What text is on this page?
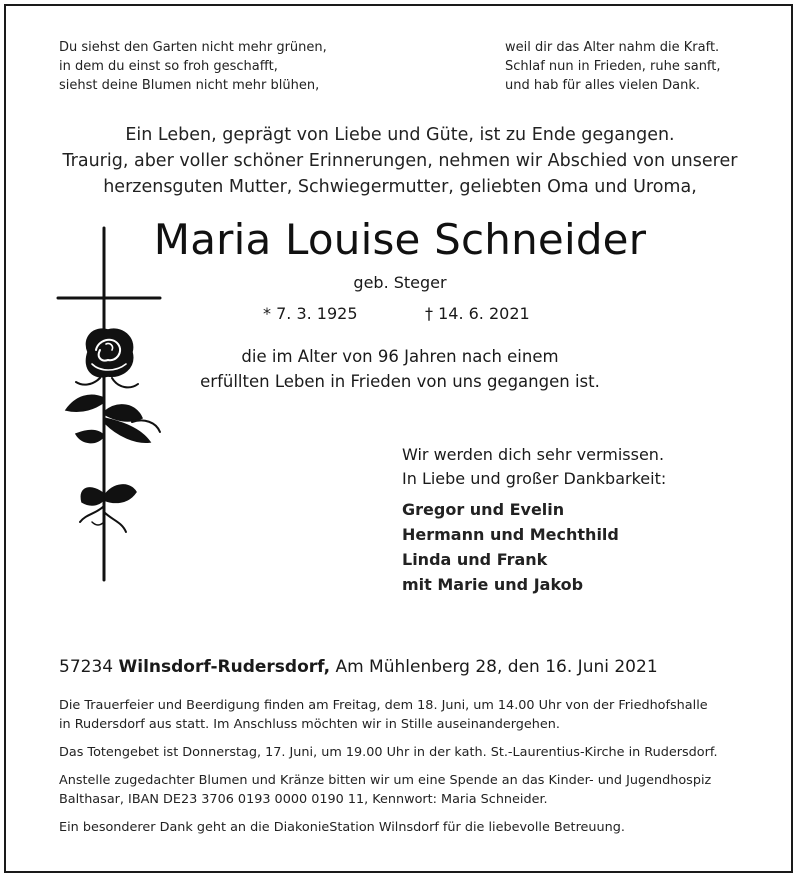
Du siehst den Garten nicht mehr grünen,
in dem du einst so froh geschafft,
siehst deine Blumen nicht mehr blühen,
weil dir das Alter nahm die Kraft.
Schlaf nun in Frieden, ruhe sanft,
und hab für alles vielen Dank.
Ein Leben, geprägt von Liebe und Güte, ist zu Ende gegangen.
Traurig, aber voller schöner Erinnerungen, nehmen wir Abschied von unserer
herzensguten Mutter, Schwiegermutter, geliebten Oma und Uroma,
Maria Louise Schneider
geb. Steger
* 7. 3. 1925	† 14. 6. 2021
die im Alter von 96 Jahren nach einem
erfüllten Leben in Frieden von uns gegangen ist.
Wir werden dich sehr vermissen.
In Liebe und großer Dankbarkeit:
Gregor und Evelin
Hermann und Mechthild
Linda und Frank
mit Marie und Jakob
57234 Wilnsdorf-Rudersdorf, Am Mühlenberg 28, den 16. Juni 2021

Die Trauerfeier und Beerdigung finden am Freitag, dem 18. Juni, um 14.00 Uhr von der Friedhofshalle
in Rudersdorf aus statt. Im Anschluss möchten wir in Stille auseinandergehen.

Das Totengebet ist Donnerstag, 17. Juni, um 19.00 Uhr in der kath. St.-Laurentius-Kirche in Rudersdorf.

Anstelle zugedachter Blumen und Kränze bitten wir um eine Spende an das Kinder- und Jugendhospiz
Balthasar, IBAN DE23 3706 0193 0000 0190 11, Kennwort: Maria Schneider.

Ein besonderer Dank geht an die DiakonieStation Wilnsdorf für die liebevolle Betreuung.
